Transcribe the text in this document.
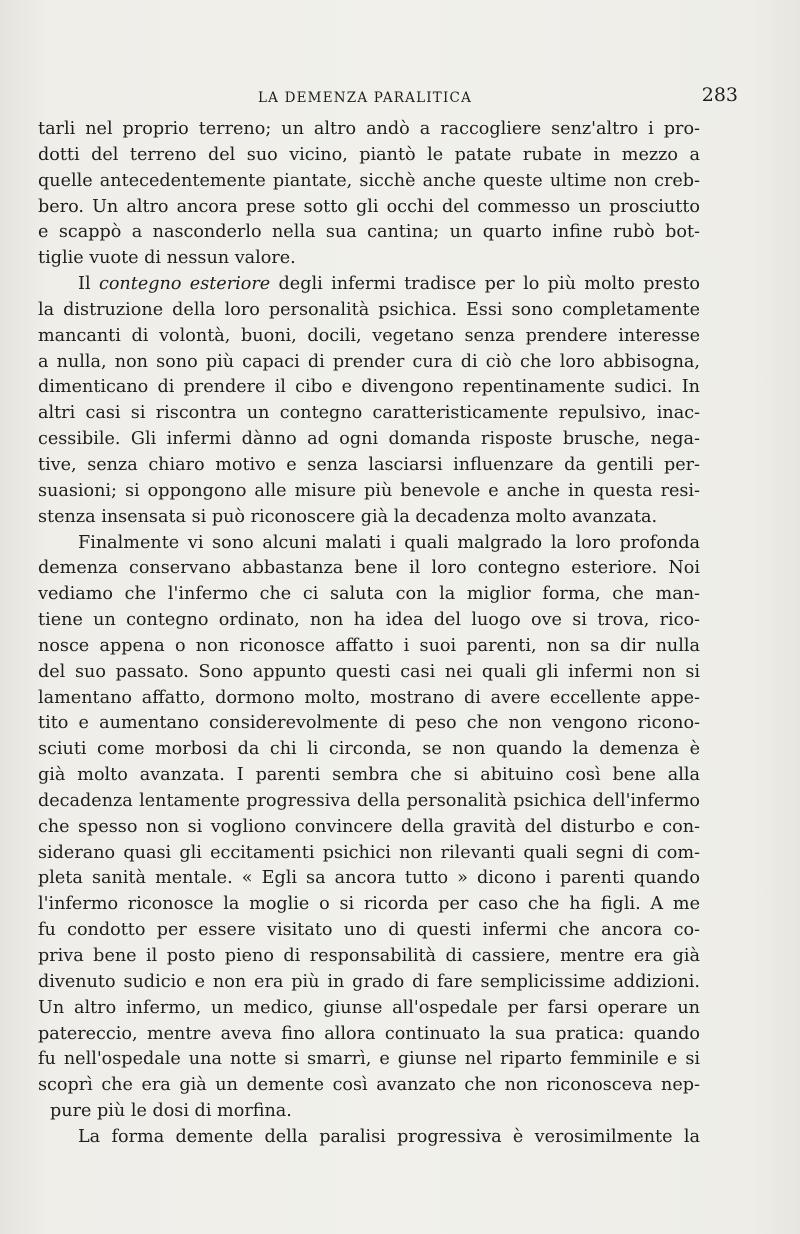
LA DEMENZA PARALITICA	283
tarli nel proprio terreno; un altro andò a raccogliere senz'altro i pro-
dotti del terreno del suo vicino, piantò le patate rubate in mezzo a
quelle antecedentemente piantate, sicchè anche queste ultime non creb-
bero. Un altro ancora prese sotto gli occhi del commesso un prosciutto
e scappò a nasconderlo nella sua cantina; un quarto infine rubò bot-
tiglie vuote di nessun valore.
Il contegno esteriore degli infermi tradisce per lo più molto presto
la distruzione della loro personalità psichica. Essi sono completamente
mancanti di volontà, buoni, docili, vegetano senza prendere interesse
a nulla, non sono più capaci di prender cura di ciò che loro abbisogna,
dimenticano di prendere il cibo e divengono repentinamente sudici. In
altri casi si riscontra un contegno caratteristicamente repulsivo, inac-
cessibile. Gli infermi dànno ad ogni domanda risposte brusche, nega-
tive, senza chiaro motivo e senza lasciarsi influenzare da gentili per-
suasioni; si oppongono alle misure più benevole e anche in questa resi-
stenza insensata si può riconoscere già la decadenza molto avanzata.
Finalmente vi sono alcuni malati i quali malgrado la loro profonda
demenza conservano abbastanza bene il loro contegno esteriore. Noi
vediamo che l'infermo che ci saluta con la miglior forma, che man-
tiene un contegno ordinato, non ha idea del luogo ove si trova, rico-
nosce appena o non riconosce affatto i suoi parenti, non sa dir nulla
del suo passato. Sono appunto questi casi nei quali gli infermi non si
lamentano affatto, dormono molto, mostrano di avere eccellente appe-
tito e aumentano considerevolmente di peso che non vengono ricono-
sciuti come morbosi da chi li circonda, se non quando la demenza è
già molto avanzata. I parenti sembra che si abituino così bene alla
decadenza lentamente progressiva della personalità psichica dell'infermo
che spesso non si vogliono convincere della gravità del disturbo e con-
siderano quasi gli eccitamenti psichici non rilevanti quali segni di com-
pleta sanità mentale. « Egli sa ancora tutto » dicono i parenti quando
l'infermo riconosce la moglie o si ricorda per caso che ha figli. A me
fu condotto per essere visitato uno di questi infermi che ancora co-
priva bene il posto pieno di responsabilità di cassiere, mentre era già
divenuto sudicio e non era più in grado di fare semplicissime addizioni.
Un altro infermo, un medico, giunse all'ospedale per farsi operare un
patereccio, mentre aveva fino allora continuato la sua pratica: quando
fu nell'ospedale una notte si smarrì, e giunse nel riparto femminile e si
scoprì che era già un demente così avanzato che non riconosceva nep-
pure più le dosi di morfina.
La forma demente della paralisi progressiva è verosimilmente la
